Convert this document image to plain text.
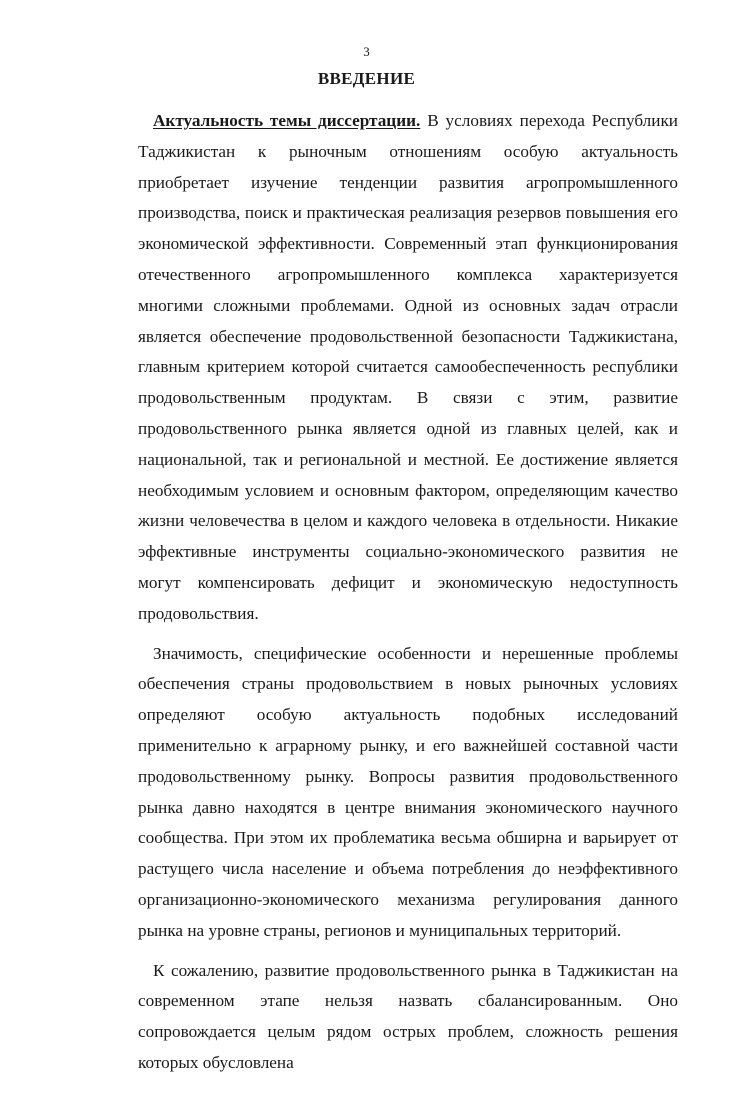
3
ВВЕДЕНИЕ

Актуальность темы диссертации. В условиях перехода Республики Таджикистан к рыночным отношениям особую актуальность приобретает изучение тенденции развития агропромышленного производства, поиск и практическая реализация резервов повышения его экономической эффективности. Современный этап функционирования отечественного агропромышленного комплекса характеризуется многими сложными проблемами. Одной из основных задач отрасли является обеспечение продовольственной безопасности Таджикистана, главным критерием которой считается самообеспеченность республики продовольственным продуктам. В связи с этим, развитие продовольственного рынка является одной из главных целей, как и национальной, так и региональной и местной. Ее достижение является необходимым условием и основным фактором, определяющим качество жизни человечества в целом и каждого человека в отдельности. Никакие эффективные инструменты социально-экономического развития не могут компенсировать дефицит и экономическую недоступность продовольствия.

Значимость, специфические особенности и нерешенные проблемы обеспечения страны продовольствием в новых рыночных условиях определяют особую актуальность подобных исследований применительно к аграрному рынку, и его важнейшей составной части продовольственному рынку. Вопросы развития продовольственного рынка давно находятся в центре внимания экономического научного сообщества. При этом их проблематика весьма обширна и варьирует от растущего числа население и объема потребления до неэффективного организационно-экономического механизма регулирования данного рынка на уровне страны, регионов и муниципальных территорий.

К сожалению, развитие продовольственного рынка в Таджикистан на современном этапе нельзя назвать сбалансированным. Оно сопровождается целым рядом острых проблем, сложность решения которых обусловлена
